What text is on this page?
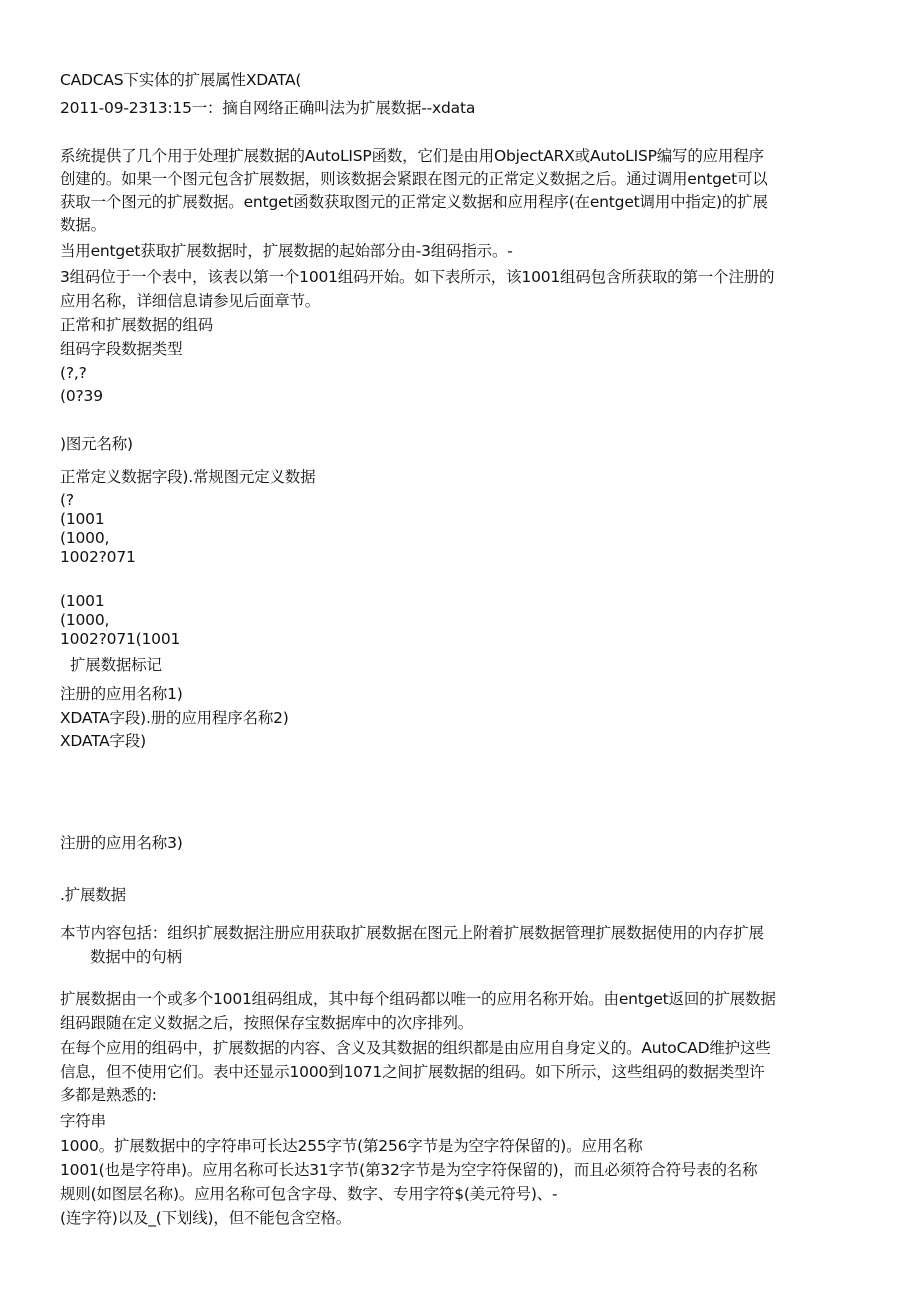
CADCAS下实体的扩展属性XDATA(
2011-09-2313:15一：摘自网络正确叫法为扩展数据--xdata
系统提供了几个用于处理扩展数据的AutoLISP函数，它们是由用ObjectARX或AutoLISP编写的应用程序
创建的。如果一个图元包含扩展数据，则该数据会紧跟在图元的正常定义数据之后。通过调用entget可以
获取一个图元的扩展数据。entget函数获取图元的正常定义数据和应用程序(在entget调用中指定)的扩展
数据。
当用entget获取扩展数据时，扩展数据的起始部分由-3组码指示。-
3组码位于一个表中，该表以第一个1001组码开始。如下表所示，该1001组码包含所获取的第一个注册的
应用名称，详细信息请参见后面章节。
正常和扩展数据的组码
组码字段数据类型
(?,?
(0?39
)图元名称)
正常定义数据字段).常规图元定义数据
(?
(1001
(1000,
1002?071
(1001
(1000,
1002?071(1001
扩展数据标记
注册的应用名称1)
XDATA字段).册的应用程序名称2)
XDATA字段)
注册的应用名称3)
.扩展数据
本节内容包括：组织扩展数据注册应用获取扩展数据在图元上附着扩展数据管理扩展数据使用的内存扩展
数据中的句柄
扩展数据由一个或多个1001组码组成，其中每个组码都以唯一的应用名称开始。由entget返回的扩展数据
组码跟随在定义数据之后，按照保存宝数据库中的次序排列。
在每个应用的组码中，扩展数据的内容、含义及其数据的组织都是由应用自身定义的。AutoCAD维护这些
信息，但不使用它们。表中还显示1000到1071之间扩展数据的组码。如下所示，这些组码的数据类型许
多都是熟悉的:
字符串
1000。扩展数据中的字符串可长达255字节(第256字节是为空字符保留的)。应用名称
1001(也是字符串)。应用名称可长达31字节(第32字节是为空字符保留的)，而且必须符合符号表的名称
规则(如图层名称)。应用名称可包含字母、数字、专用字符$(美元符号)、-
(连字符)以及_(下划线)，但不能包含空格。
